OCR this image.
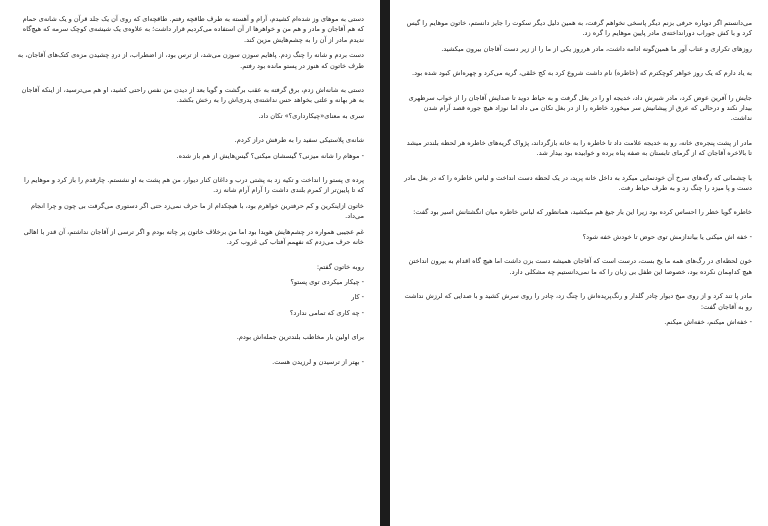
دستی به موهای وز شده‌ام کشیدم، آرام و آهسته به طرف طاقچه رفتم. طاقچه‌ای که روی آن یک جلد قرآن و یک شانه‌ی حمام که هم آقاجان و مادر و هم من و خواهرها از آن استفاده می‌کردیم قرار داشت؛ به علاوه‌ی یک شیشه‌ی کوچک سرمه که هیچ‌گاه ندیدم مادر از آن را به چشم‌هایش مزین کند.

دست بردم و شانه را چنگ زدم. پاهایم سوزن سوزن می‌شد، از ترس بود، از اضطراب، از دردِ چشیدن مزه‌ی کتک‌های آقاجان، به طرف خاتون که هنوز در پستو مانده بود رفتم.

دستی به شانه‌اش زدم، برق گرفته به عقب برگشت و گویا بعد از دیدن من نفس راحتی کشید، او هم می‌ترسید، از اینکه آقاجان به هر بهانه و علتی بخواهد حس نداشته‌ی پدری‌اش را به رخش بکشد.

سری به معنای«چیکارداری؟» تکان داد.

شانه‌ی پلاستیکی سفید را به طرفش دراز کردم.

- موهام را شانه میزنی؟ گیسشان میکنی؟ گیس‌هایش از هم باز شده.

پرده ی پستو را انداخت و تکیه زد به پشتی درب و داغان کنار دیوار، من هم پشت به او نشستم. چارقدم را باز کرد و موهایم را که تا پایین‌تر از کمرم بلندی داشت را آرام آرام شانه زد.

خاتون ازاینکرین و کم حرفترین خواهرم بود، با هیچکدام از ما حرف نمی‌زد حتی اگر دستوری می‌گرفت بی چون و چرا انجام می‌داد.

غم عجیبی همواره در چشم‌هایش هویدا بود اما من برخلاف خاتون پر چانه بودم و اگر ترسی از آقاجان نداشتم، آن قدر با اهالی خانه حرف می‌زدم که نفهمم آفتاب کی غروب کرد.

روبه خاتون گفتم:

- چیکار میکردی توی پستو؟

- کار

- چه کاری که تمامی ندارد؟

برای اولین بار مخاطب بلندترین جمله‌اش بودم.

- بهتر از ترسیدن و لرزیدن هست.

می‌دانستم اگر دوباره حرفی بزنم دیگر پاسخی نخواهم گرفت، به همین دلیل دیگر سکوت را جایز دانستم، خاتون موهایم را گیس کرد و با کش جوراب دورانداخته‌ی مادر پایین موهایم را گره زد.

روزهای تکراری و عتاب آور ما همین‌گونه ادامه داشت، مادر هرروز یکی از ما را از زیر دست آقاجان بیرون میکشید.

به یاد دارم که یک روز خواهر کوچکترم که (خاطره) نام داشت شروع کرد به کج خلقی، گریه می‌کرد و چهره‌اش کبود شده بود.

جایش را آفرین عوض کرد، مادر شیرش داد، خدیجه او را در بغل گرفت و به حیاط دوید تا صدایش آقاجان را از خواب سرظهری بیدار نکند و درحالی که عرق از پیشانیش سر میخورد خاطره را از در بغل تکان می داد اما نوزاد هیچ جوره قصد آرام شدن نداشت.

مادر از پشت پنجره‌ی خانه، رو به خدیجه علامت داد تا خاطره را به خانه بازگرداند، پژواک گریه‌های خاطره هر لحظه بلندتر میشد تا بالاخره آقاجان که از گرمای تابستان به صفه پناه برده و خوابیده بود بیدار شد.

با چشمانی که رگه‌های سرخ آن خودنمایی میکرد به داخل خانه پرید، در یک لحظه دست انداخت و لباس خاطره را که در بغل مادر دست و پا میزد را چنگ زد و به طرف حیاط رفت.

خاطره گویا خطر را احساس کرده بود زیرا این بار جیغ هم میکشید، همانطور که لباس خاطره میان انگشتانش اسیر بود گفت:

- خفه اش میکنی یا بیاندازمش توی حوض تا خودش خفه شود؟

خون لحظه‌ای در رگ‌های همه ما یخ بست، درست است که آقاجان همیشه دست بزن داشت اما هیچ گاه اقدام به بیرون انداختن هیچ کدامِمان نکرده بود، خصوصا این طفل بی زبان را که ما نمی‌دانستیم چه مشکلی دارد.

مادر پا تند کرد و از روی میخ دیوار چادر گلدار و رنگ‌پریده‌اش را چنگ زد، چادر را روی سرش کشید و با صدایی که لرزش نداشت رو به آقاجان گفت:

- خفه‌اش میکنم، خفه‌اش میکنم.
